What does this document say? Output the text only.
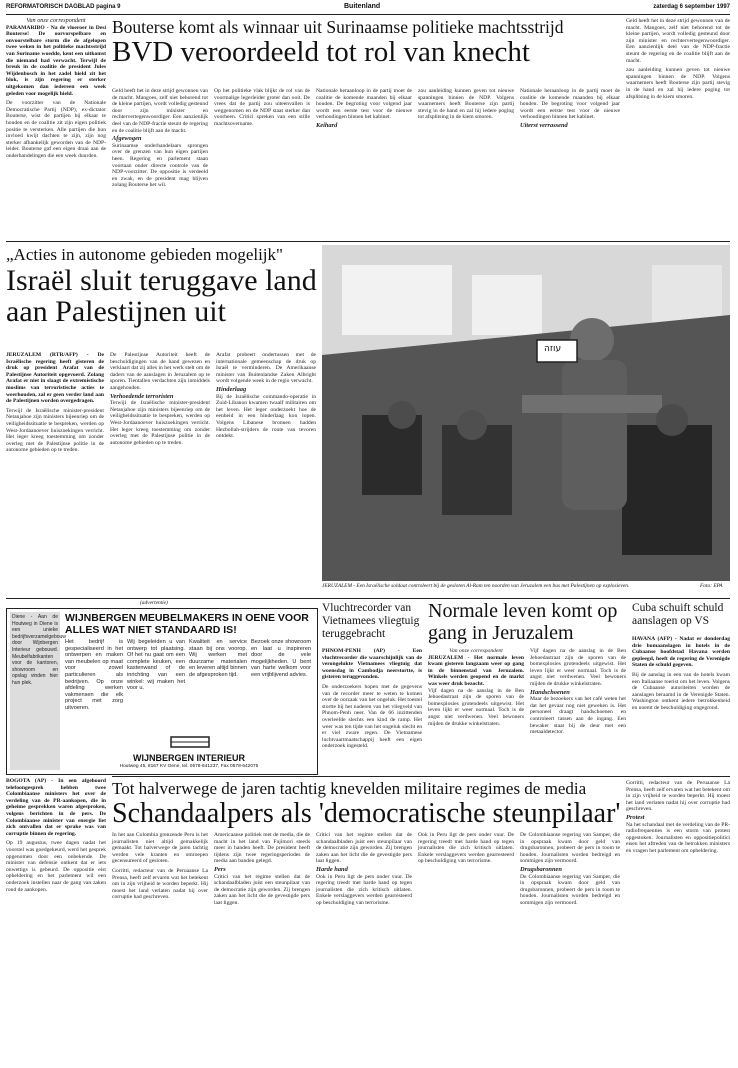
REFORMATORISCH DAGBLAD pagina 9	Buitenland	zaterdag 6 september 1997
Van onze correspondent
PARAMARIBO - Na de vloeroer in Desi Bouterse! De oorvorspelbare en onvoorstelbare storm die de afgelopen twee weken in het politieke machtsstrijd van Suriname woedde, kent een uitkomst die niemand had verwacht. Terwijl de breuk in de coalitie de president Jules Wijdenbosch in het zadel hield zit het blok, is zijn regering er sterker uitgekomen dan iedereen een week geleden voor mogelijk hield.
De voorzitter van de Nationale Democratische Partij (NDP), ex-dictator Bouterse, wist de partijen bij elkaar te houden en de coalitie zit zijn eigen politiek positie te versterken. Alle partijen die hun invloed kwijt dachten te zijn, zijn nog sterker afhankelijk geworden van de NDP-leider. Bouterse gaf een eigen draai aan de onderhandelingen die een week duurden.
Bouterse komt als winnaar uit Surinaamse politieke machtsstrijd
BVD veroordeeld tot rol van knecht
Geld heeft het in deze strijd gewonnen van de macht. Mangoes, zelf niet behorend tot de kleine partijen, wordt volledig gesteund door zijn minister en rechtervertegenwoordiger. Een aanzienlijk deel van de NDP-fractie steunt de regering en de coalitie blijft aan de macht.
Afgewogen
Surinaamse onderhandelaars sprongen over de grenzen van hun eigen partijen heen. Regering en parlement staan voortaan onder directe controle van de NDP-voorzitter. De oppositie is verdeeld en zwak, en de president mag blijven zolang Bouterse het wil.
Op het politieke vlak blijkt de rol van de voormalige legerleider groter dan ooit. De vrees dat de partij zou uiteenvallen is weggenomen en de NDP staat sterker dan voorheen. Critici spreken van een stille machtsovername.
Nationale heraanloop in de partij moet de coalitie de komende maanden bij elkaar houden. De begroting voor volgend jaar wordt een eerste test voor de nieuwe verhoudingen binnen het kabinet.
Keihard
zou aanleiding kunnen geven tot nieuwe spanningen binnen de NDP. Volgens waarnemers heeft Bouterse zijn partij stevig in de hand en zal hij iedere poging tot afsplitsing in de kiem smoren.
Nationale heraanloop in de partij moet de coalitie de komende maanden bij elkaar houden. De begroting voor volgend jaar wordt een eerste test voor de nieuwe verhoudingen binnen het kabinet.
Uiterst verrassend
Geld heeft het in deze strijd gewonnen van de macht. Mangoes, zelf niet behorend tot de kleine partijen, wordt volledig gesteund door zijn minister en rechtervertegenwoordiger. Een aanzienlijk deel van de NDP-fractie steunt de regering en de coalitie blijft aan de macht.
zou aanleiding kunnen geven tot nieuwe spanningen binnen de NDP. Volgens waarnemers heeft Bouterse zijn partij stevig in de hand en zal hij iedere poging tot afsplitsing in de kiem smoren.
„Acties in autonome gebieden mogelijk"
Israël sluit teruggave land aan Palestijnen uit
JERUZALEM (RTR/AFP) - De Israëlische regering heeft gisteren de druk op president Arafat van de Palestijnse Autoriteit opgevoerd. Zolang Arafat er niet in slaagt de extremistische moslims van terroristische acties te weerhouden, zal er geen verder land aan de Palestijnen worden overgedragen.
Terwijl de Israëlische minister-president Netanjahoe zijn ministers bijeenriep om de veiligheidssituatie te bespreken, werden op West-Jordaanoever huiszoekingen verricht. Het leger kreeg toestemming om zonder overleg met de Palestijnse politie in de autonome gebieden op te treden.
De Palestijnse Autoriteit heeft de beschuldigingen van de hand gewezen en verklaart dat zij alles in het werk stelt om de daders van de aanslagen in Jeruzalem op te sporen. Tientallen verdachten zijn inmiddels aangehouden.
Verhoedende terroristen
Terwijl de Israëlische minister-president Netanjahoe zijn ministers bijeenriep om de veiligheidssituatie te bespreken, werden op West-Jordaanoever huiszoekingen verricht. Het leger kreeg toestemming om zonder overleg met de Palestijnse politie in de autonome gebieden op te treden.
Arafat probeert ondertussen met de internationale gemeenschap de druk op Israël te verminderen. De Amerikaanse minister van Buitenlandse Zaken Albright wordt volgende week in de regio verwacht.
Hinderlaag
Bij de Israëlische commando-operatie in Zuid-Libanon kwamen twaalf militairen om het leven. Het leger onderzoekt hoe de eenheid in een hinderlaag kon lopen. Volgens Libanese bronnen hadden Hezbollah-strijders de route van tevoren ontdekt.
עוזה
JERUZALEM - Een Israëlische soldaat controleert bij de gesloten Al-Ram ten noorden van Jeruzalem een bus met Palestijnen op explosieven.	Foto: EPA
(advertentie)
Diene - Aan de Houtweg in Diene is een unieke bedrijfsverzamelgebouw door Wijnbergen Interieur gebouwd. Meubelfabrikanten voor de kantoren, showroom en opslag vinden hier hun plek.
WIJNBERGEN MEUBELMAKERS IN OENE VOOR ALLES WAT NIET STANDAARD IS!
Het bedrijf is gespecialiseerd in het ontwerpen en maken van meubelen op maat voor zowel particulieren als bedrijven. Op onze afdeling werken vakmensen die elk project met zorg uitvoeren.
Wij begeleiden u van ontwerp tot plaatsing. Of het nu gaat om een complete keuken, een kastenwand of de inrichting van een winkel: wij maken het voor u.
Kwaliteit en service staan bij ons voorop. Wij werken met duurzame materialen en leveren altijd binnen de afgesproken tijd.
Bezoek onze showroom en laat u inspireren door de vele mogelijkheden. U bent van harte welkom voor een vrijblijvend advies.
WIJNBERGEN INTERIEUR
Houtweg 45, 8167 KV Oene, tel. 0578-641237, Fax 0578-642075
BOGOTA (AP) - In een afgehoord telefoongesprek hebben twee Colombiaanse ministers het over de verdeling van de PR-aankopen, die in geheime gesprekken waren afgesproken, volgens berichten in de pers. De Colombiaanse minister van energie liet zich ontvallen dat er sprake was van corruptie binnen de regering.
Op 19 augustus, twee dagen nadat het voorstel was goedgekeurd, werd het gesprek opgenomen door een onbekende. De minister van defensie ontkent dat er iets onwettigs is gebeurd. De oppositie eist opheldering en het parlement wil een onderzoek instellen naar de gang van zaken rond de aankopen.
Vluchtrecorder van Vietnamees vliegtuig teruggebracht
PHNOM-PENH (AP) - Een vluchtrecorder die waarschijnlijk van de verongelukte Vietnamees vliegtuig dat woensdag in Cambodja neerstortte, is gisteren teruggevonden.
De onderzoekers hopen met de gegevens van de recorder meer te weten te komen over de oorzaak van het ongeluk. Het toestel stortte bij het naderen van het vliegveld van Phnom-Penh neer. Van de 66 inzittenden overleefde slechts een kind de ramp. Het weer was ten tijde van het ongeluk slecht en er viel zware regen. De Vietnamese luchtvaartmaatschappij heeft een eigen onderzoek ingesteld.
Normale leven komt op gang in Jeruzalem
Van onze correspondent
JERUZALEM - Het normale leven kwam gisteren langzaam weer op gang in de binnenstad van Jeruzalem. Winkels werden geopend en de markt was weer druk bezocht.
Vijf dagen na de aanslag in de Ben Jehoedastraat zijn de sporen van de bomexplosies grotendeels uitgewist. Het leven lijkt er weer normaal. Toch is de angst niet verdwenen. Veel bewoners mijden de drukke winkelstraten.
Vijf dagen na de aanslag in de Ben Jehoedastraat zijn de sporen van de bomexplosies grotendeels uitgewist. Het leven lijkt er weer normaal. Toch is de angst niet verdwenen. Veel bewoners mijden de drukke winkelstraten.
Handschoenen
Maar de bezoekers van het café weten het dat het gevaar nog niet geweken is. Het personeel draagt handschoenen en controleert tassen aan de ingang. Een bewaker staat bij de deur met een metaaldetector.
Cuba schuift schuld aanslagen op VS
HAVANA (AFP) - Nadat er donderdag drie bomaanslagen in hotels in de Cubaanse hoofdstad Havana werden gepleegd, heeft de regering de Verenigde Staten de schuld gegeven.
Bij de aanslag in een van de hotels kwam een Italiaanse toerist om het leven. Volgens de Cubaanse autoriteiten worden de aanslagen beraamd in de Verenigde Staten. Washington ontkent iedere betrokkenheid en noemt de beschuldiging ongegrond.
Tot halverwege de jaren tachtig knevelden militaire regimes de media
Schandaalpers als 'democratische steunpilaar'
In het aan Colombia grenzende Peru is het journalisten niet altijd gemakkelijk gemaakt. Tot halverwege de jaren tachtig werden vele kranten en omroepen gecensureerd of gesloten.
Gorritti, redacteur van de Peruaanse La Prensa, heeft zelf ervaren wat het betekent om in zijn vrijheid te worden beperkt. Hij moest het land verlaten nadat hij over corruptie had geschreven.
Americaanse politiek met de media, die de macht in het land van Fujimori steeds meer in handen heeft. De president heeft tijdens zijn twee regeringsperiodes de media aan banden gelegd.
Pers
Critici van het regime stellen dat de schandaalbladen juist een steunpilaar van de democratie zijn geworden. Zij brengen zaken aan het licht die de gevestigde pers laat liggen.
Critici van het regime stellen dat de schandaalbladen juist een steunpilaar van de democratie zijn geworden. Zij brengen zaken aan het licht die de gevestigde pers laat liggen.
Harde hand
Ook in Peru ligt de pers onder vuur. De regering treedt met harde hand op tegen journalisten die zich kritisch uitlaten. Enkele verslaggevers werden gearresteerd op beschuldiging van terrorisme.
Ook in Peru ligt de pers onder vuur. De regering treedt met harde hand op tegen journalisten die zich kritisch uitlaten. Enkele verslaggevers werden gearresteerd op beschuldiging van terrorisme.
De Colombiaanse regering van Samper, die in opspraak kwam door geld van drugsbaronnen, probeert de pers in toom te houden. Journalisten worden bedreigd en sommigen zijn vermoord.
Drugsbaronnen
De Colombiaanse regering van Samper, die in opspraak kwam door geld van drugsbaronnen, probeert de pers in toom te houden. Journalisten worden bedreigd en sommigen zijn vermoord.
Gorritti, redacteur van de Peruaanse La Prensa, heeft zelf ervaren wat het betekent om in zijn vrijheid te worden beperkt. Hij moest het land verlaten nadat hij over corruptie had geschreven.
Protest
Na het schandaal met de verdeling van de PR-radiofrequenties is een storm van protest opgestoken. Journalisten en oppositiepolitici eisen het aftreden van de betrokken ministers en vragen het parlement om opheldering.
